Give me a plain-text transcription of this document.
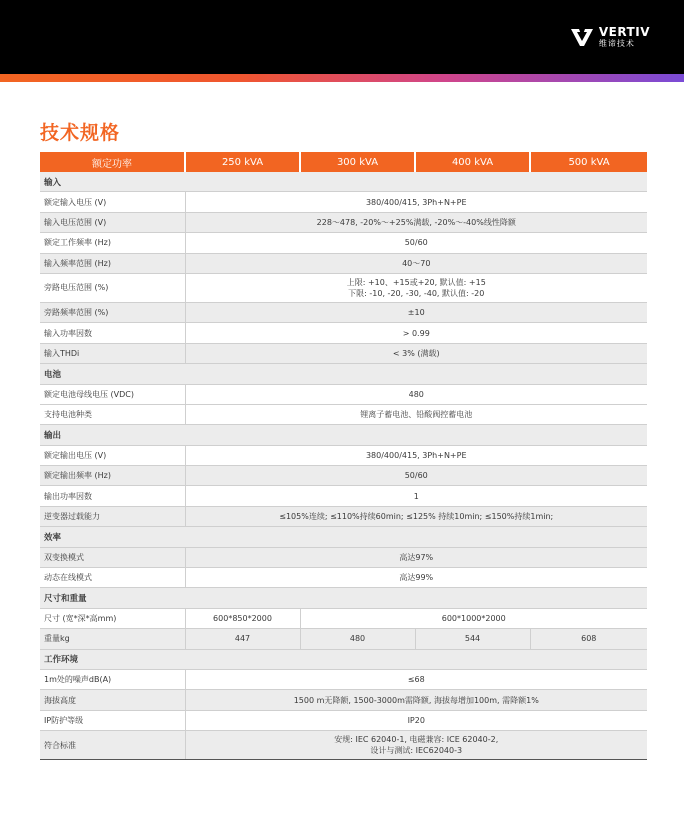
VERTIV
维谛技术
技术规格
额定功率	250 kVA	300 kVA	400 kVA	500 kVA
输入				
额定输入电压 (V)	380/400/415, 3Ph+N+PE			
输入电压范围 (V)	228～478, -20%～+25%满载, -20%～-40%线性降额			
额定工作频率 (Hz)	50/60			
输入频率范围 (Hz)	40～70			
旁路电压范围 (%)	上限: +10、+15或+20, 默认值: +15
下限: -10, -20, -30, -40, 默认值: -20			

旁路频率范围 (%)	±10			
输入功率因数	> 0.99			
输入THDi	< 3% (满载)			
电池				
额定电池母线电压 (VDC)	480			
支持电池种类	锂离子蓄电池、铅酸阀控蓄电池			
输出				
额定输出电压 (V)	380/400/415, 3Ph+N+PE			
额定输出频率 (Hz)	50/60			
输出功率因数	1			
逆变器过载能力	≤105%连续; ≤110%持续60min; ≤125% 持续10min; ≤150%持续1min;			
效率				
双变换模式	高达97%			
动态在线模式	高达99%			
尺寸和重量				
尺寸 (宽*深*高mm)	600*850*2000	600*1000*2000		
重量kg	447	480	544	608
工作环境				
1m处的噪声dB(A)	≤68			
海拔高度	1500 m无降额, 1500-3000m需降额, 海拔每增加100m, 需降额1%			
IP防护等级	IP20			
符合标准	安规: IEC 62040-1, 电磁兼容: ICE 62040-2,
设计与测试: IEC62040-3			
